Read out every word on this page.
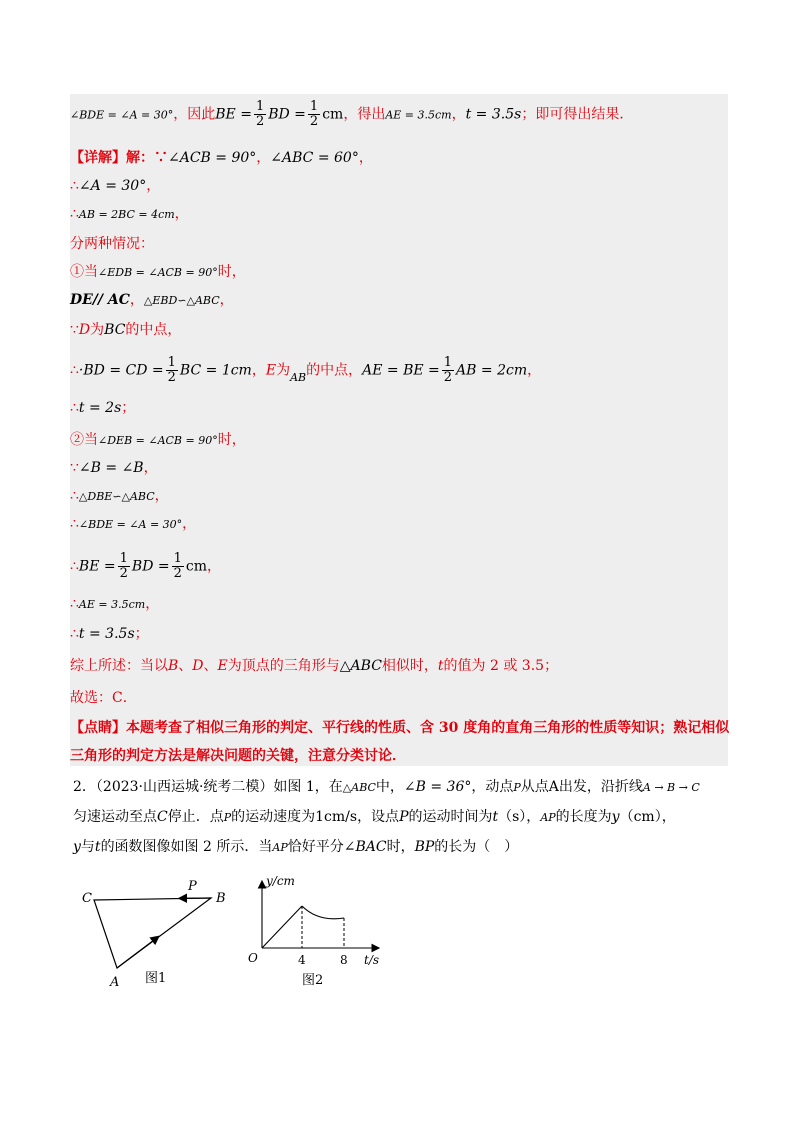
∠BDE = ∠A = 30°，因此BE = $\frac{1}{2}$ BD = $\frac{1}{2}$ cm，得出AE = 3.5cm，t = 3.5s；即可得出结果．
【详解】解：∵∠ACB = 90°，∠ABC = 60°，
∴∠A = 30°，
∴AB = 2BC = 4cm，
分两种情况：
①当∠EDB = ∠ACB = 90°时，
DE// AC，△EBD∽△ABC，
∵D为BC的中点，
∴·BD = CD = $\frac{1}{2}$ BC = 1cm，E为$_{AB}$的中点，AE = BE = $\frac{1}{2}$ AB = 2cm，
∴t = 2s；
②当∠DEB = ∠ACB = 90°时，
∵∠B = ∠B，
∴△DBE∽△ABC，
∴∠BDE = ∠A = 30°，
∴BE = $\frac{1}{2}$ BD = $\frac{1}{2}$ cm，
∴AE = 3.5cm，
∴t = 3.5s；
综上所述：当以B、D、E为顶点的三角形与△ABC相似时，t的值为 2 或 3.5；
故选：C．
【点睛】本题考查了相似三角形的判定、平行线的性质、含 30 度角的直角三角形的性质等知识；熟记相似
三角形的判定方法是解决问题的关键，注意分类讨论．
2．（2023·山西运城·统考二模）如图 1，在△ABC中，∠B = 36°，动点P从点A出发，沿折线A → B → C
匀速运动至点C停止．点P的运动速度为1cm/s，设点P的运动时间为t（s），AP的长度为y（cm），
y与t的函数图像如图 2 所示．当AP恰好平分∠BAC时，BP的长为（　）
C
P
B
A 图1
y/cm
t/s
O	4	8
图2
